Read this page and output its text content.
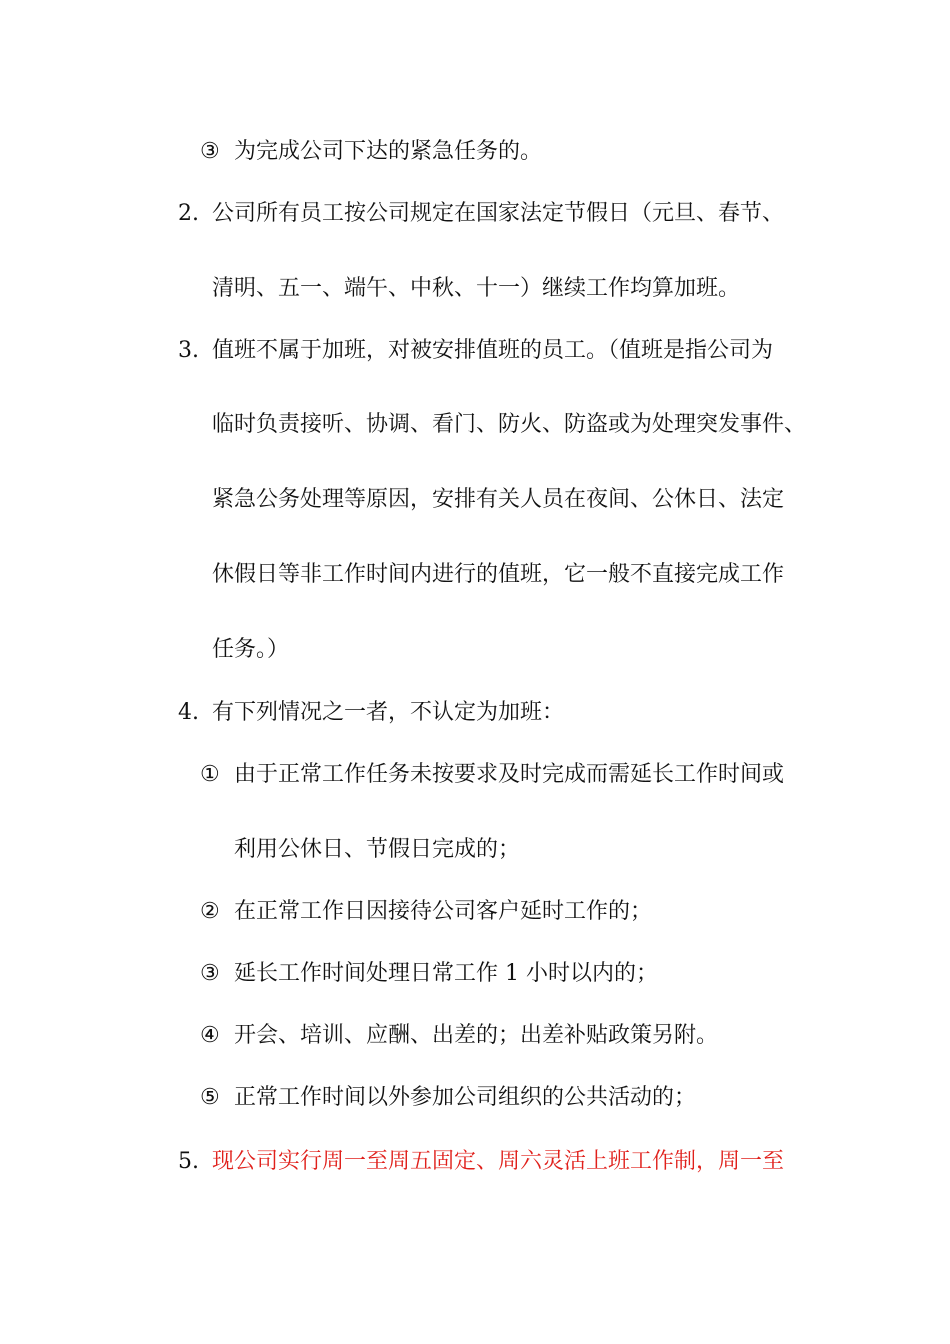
③ 为完成公司下达的紧急任务的。
2. 公司所有员工按公司规定在国家法定节假日（元旦、春节、
清明、五一、端午、中秋、十一）继续工作均算加班。
3. 值班不属于加班，对被安排值班的员工。（值班是指公司为
临时负责接听、协调、看门、防火、防盗或为处理突发事件、
紧急公务处理等原因，安排有关人员在夜间、公休日、法定
休假日等非工作时间内进行的值班，它一般不直接完成工作
任务。）
4. 有下列情况之一者，不认定为加班：
① 由于正常工作任务未按要求及时完成而需延长工作时间或
利用公休日、节假日完成的；
② 在正常工作日因接待公司客户延时工作的；
③ 延长工作时间处理日常工作 1 小时以内的；
④ 开会、培训、应酬、出差的；出差补贴政策另附。
⑤ 正常工作时间以外参加公司组织的公共活动的；
5. 现公司实行周一至周五固定、周六灵活上班工作制，周一至
